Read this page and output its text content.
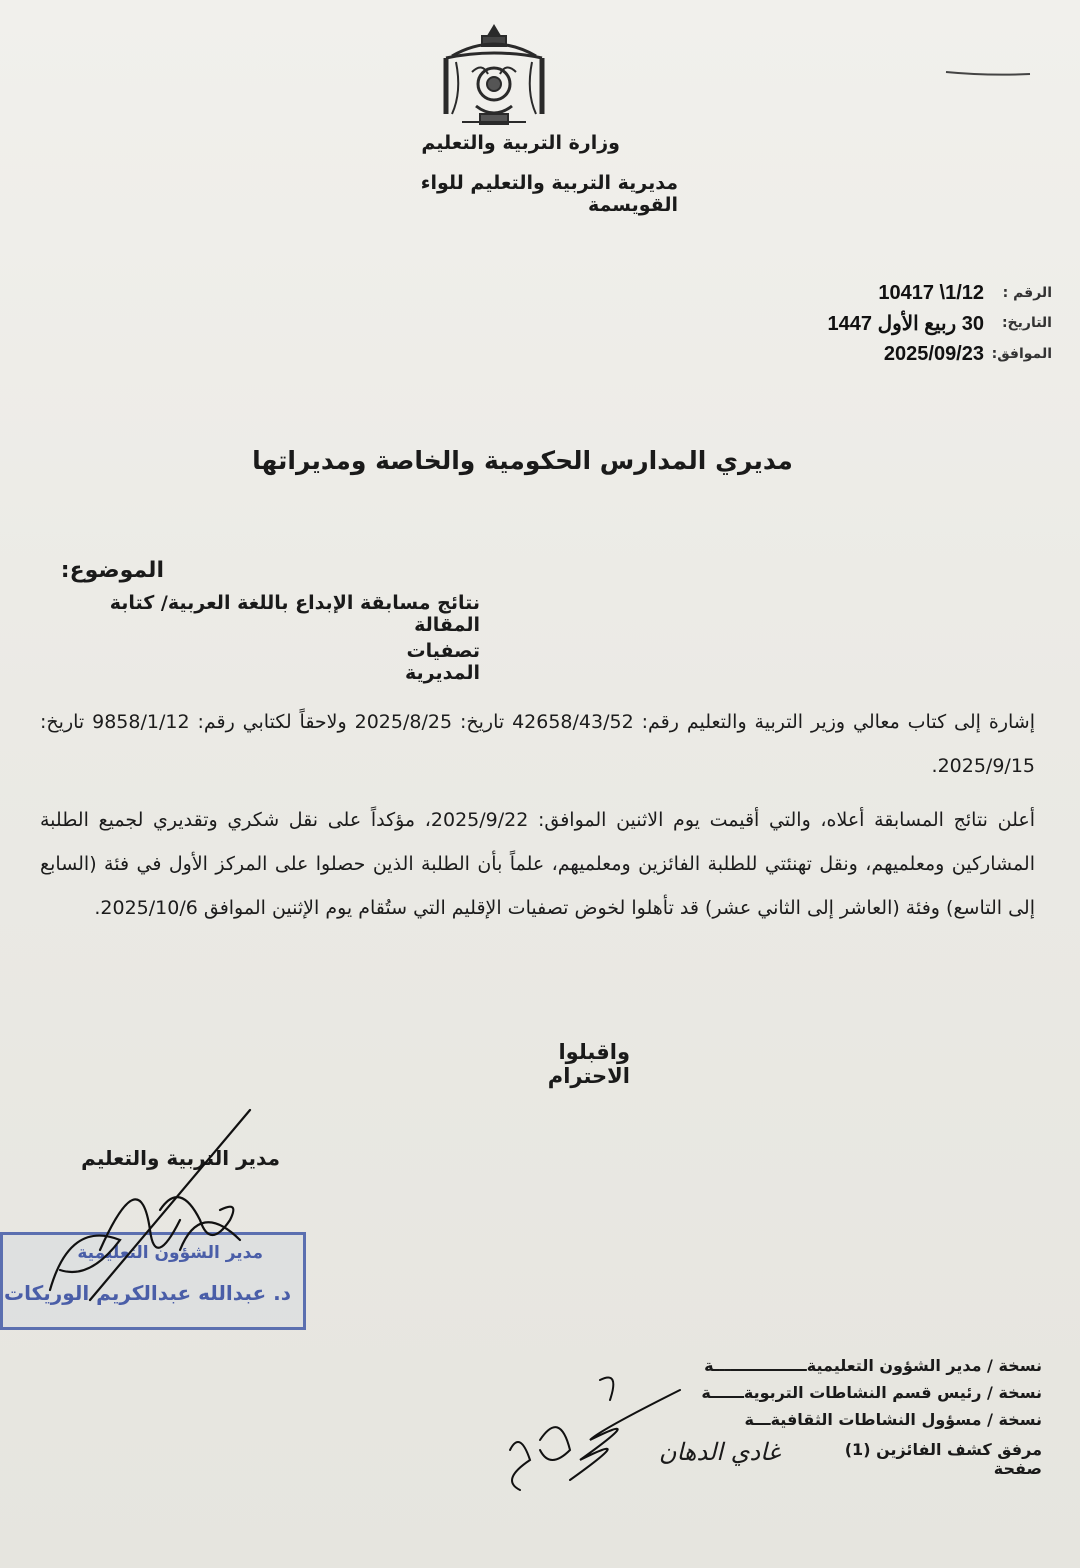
وزارة التربية والتعليم
مديرية التربية والتعليم للواء القويسمة
الرقم :
10417 \1/12
التاريخ:
30 ربيع الأول 1447
الموافق:
2025/09/23
مديري المدارس الحكومية والخاصة ومديراتها
الموضوع:
نتائج مسابقة الإبداع باللغة العربية/ كتابة المقالة
تصفيات المديرية
إشارة إلى كتاب معالي وزير التربية والتعليم رقم: 42658/43/52 تاريخ: 2025/8/25 ولاحقاً لكتابي رقم: 9858/1/12 تاريخ: 2025/9/15.
أعلن نتائج المسابقة أعلاه، والتي أقيمت يوم الاثنين الموافق: 2025/9/22، مؤكداً على نقل شكري وتقديري لجميع الطلبة المشاركين ومعلميهم، ونقل تهنئتي للطلبة الفائزين ومعلميهم، علماً بأن الطلبة الذين حصلوا على المركز الأول في فئة (السابع إلى التاسع) وفئة (العاشر إلى الثاني عشر) قد تأهلوا لخوض تصفيات الإقليم التي ستُقام يوم الإثنين الموافق 2025/10/6.
واقبلوا الاحترام
مدير التربية والتعليم
مدير الشؤون التعليمية
د. عبدالله عبدالكريم الوريكات
نسخة / مدير الشؤون التعليميةـــــــــــــــــة
نسخة / رئيس قسم النشاطات التربويةــــــة
نسخة / مسؤول النشاطات الثقافيةـــة
مرفق كشف الفائزين (1) صفحة
غادي الدهان
